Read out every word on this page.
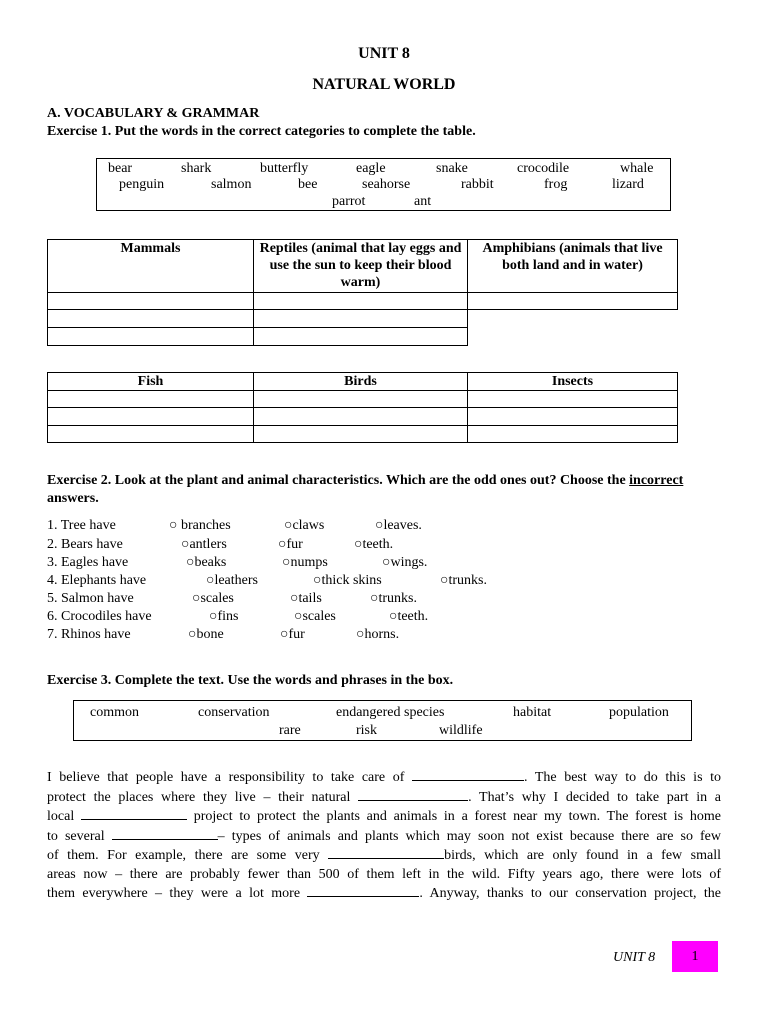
UNIT 8
NATURAL WORLD
A. VOCABULARY & GRAMMAR
Exercise 1. Put the words in the correct categories to complete the table.
bear	shark	butterfly	eagle	snake	crocodile	whale
penguin	salmon	bee	seahorse	rabbit	frog	lizard
parrot	ant
Mammals	Reptiles (animal that lay eggs and use the sun to keep their blood warm)	Amphibians (animals that live both land and in water)

Fish	Birds	Insects

Exercise 2. Look at the plant and animal characteristics. Which are the odd ones out? Choose the incorrect answers.
1. Tree have	○ branches	○claws	○leaves.
2. Bears have	○antlers	○fur	○teeth.
3. Eagles have	○beaks	○numps	○wings.
4. Elephants have	○leathers	○thick skins	○trunks.
5. Salmon have	○scales	○tails	○trunks.
6. Crocodiles have	○fins	○scales	○teeth.
7. Rhinos have	○bone	○fur	○horns.
Exercise 3. Complete the text. Use the words and phrases in the box.
common	conservation	endangered species	habitat	population
rare	risk	wildlife
I believe that people have a responsibility to take care of	. The best way to do this is to
protect the places where they live – their natural	. That’s why I decided to take part in a
local	project to protect the plants and animals in a forest near my town. The forest is home
to several	– types of animals and plants which may soon not exist because there are so few
of them. For example, there are some very	birds, which are only found in a few small
areas now – there are probably fewer than 500 of them left in the wild. Fifty years ago, there were lots of
them everywhere – they were a lot more	. Anyway, thanks to our conservation project, the
UNIT 8	1
